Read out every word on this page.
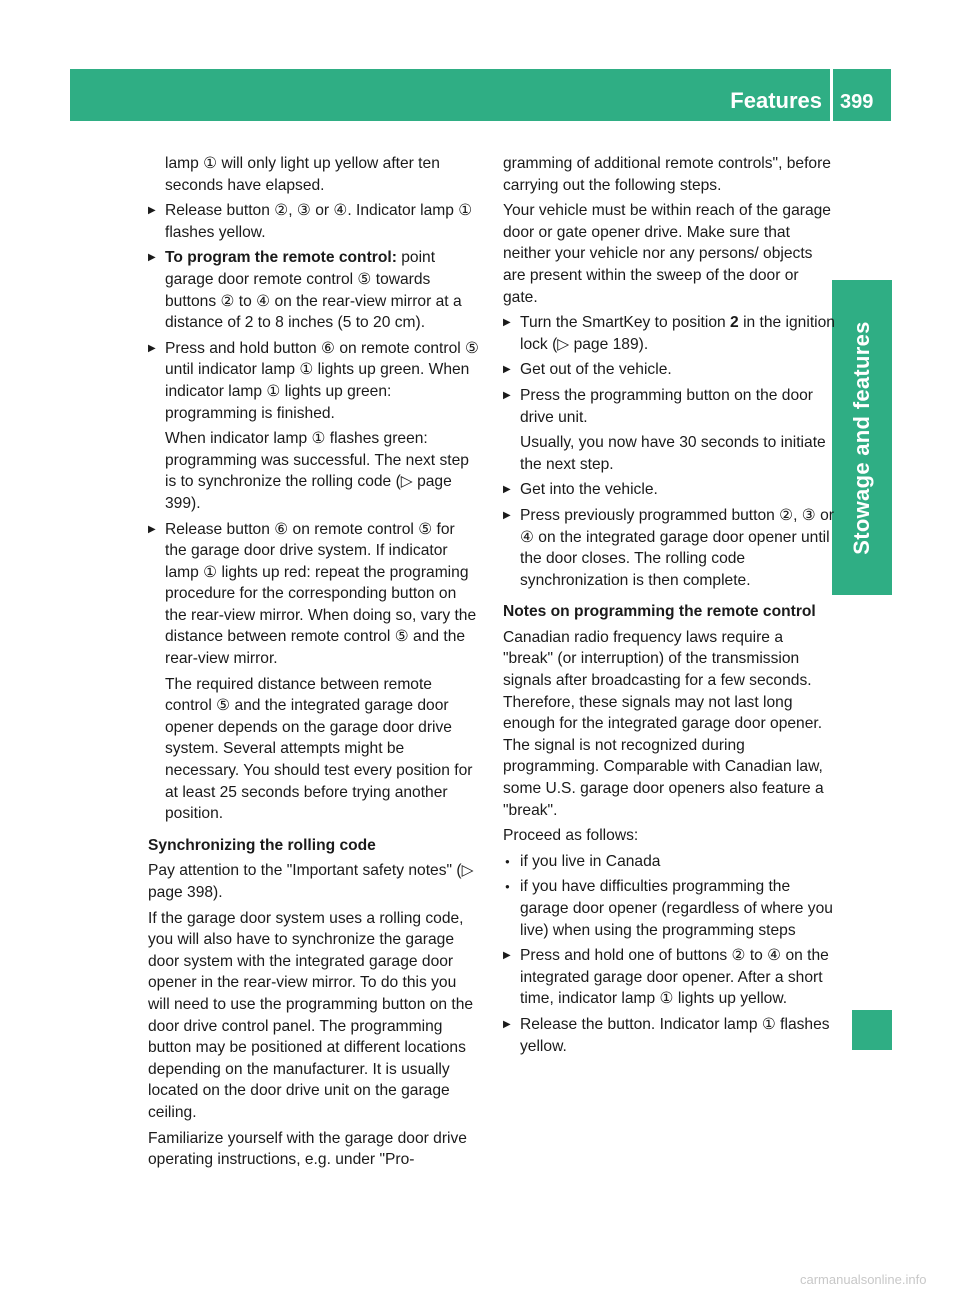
Features 399
Stowage and features

lamp ① will only light up yellow after ten seconds have elapsed.

▶ Release button ②, ③ or ④. Indicator lamp ① flashes yellow.

▶ To program the remote control: point garage door remote control ⑤ towards buttons ② to ④ on the rear-view mirror at a distance of 2 to 8 inches (5 to 20 cm).

▶ Press and hold button ⑥ on remote control ⑤ until indicator lamp ① lights up green. When indicator lamp ① lights up green: programming is finished.

When indicator lamp ① flashes green: programming was successful. The next step is to synchronize the rolling code (▷ page 399).

▶ Release button ⑥ on remote control ⑤ for the garage door drive system. If indicator lamp ① lights up red: repeat the programing procedure for the corresponding button on the rear-view mirror. When doing so, vary the distance between remote control ⑤ and the rear-view mirror.

The required distance between remote control ⑤ and the integrated garage door opener depends on the garage door drive system. Several attempts might be necessary. You should test every position for at least 25 seconds before trying another position.

Synchronizing the rolling code

Pay attention to the "Important safety notes" (▷ page 398).

If the garage door system uses a rolling code, you will also have to synchronize the garage door system with the integrated garage door opener in the rear-view mirror. To do this you will need to use the programming button on the door drive control panel. The programming button may be positioned at different locations depending on the manufacturer. It is usually located on the door drive unit on the garage ceiling.

Familiarize yourself with the garage door drive operating instructions, e.g. under "Pro-

gramming of additional remote controls", before carrying out the following steps.

Your vehicle must be within reach of the garage door or gate opener drive. Make sure that neither your vehicle nor any persons/ objects are present within the sweep of the door or gate.

▶ Turn the SmartKey to position 2 in the ignition lock (▷ page 189).

▶ Get out of the vehicle.

▶ Press the programming button on the door drive unit.

Usually, you now have 30 seconds to initiate the next step.

▶ Get into the vehicle.

▶ Press previously programmed button ②, ③ or ④ on the integrated garage door opener until the door closes. The rolling code synchronization is then complete.

Notes on programming the remote control

Canadian radio frequency laws require a "break" (or interruption) of the transmission signals after broadcasting for a few seconds. Therefore, these signals may not last long enough for the integrated garage door opener. The signal is not recognized during programming. Comparable with Canadian law, some U.S. garage door openers also feature a "break".

Proceed as follows:

● if you live in Canada

● if you have difficulties programming the garage door opener (regardless of where you live) when using the programming steps

▶ Press and hold one of buttons ② to ④ on the integrated garage door opener. After a short time, indicator lamp ① lights up yellow.

▶ Release the button. Indicator lamp ① flashes yellow.

carmanualsonline.info
